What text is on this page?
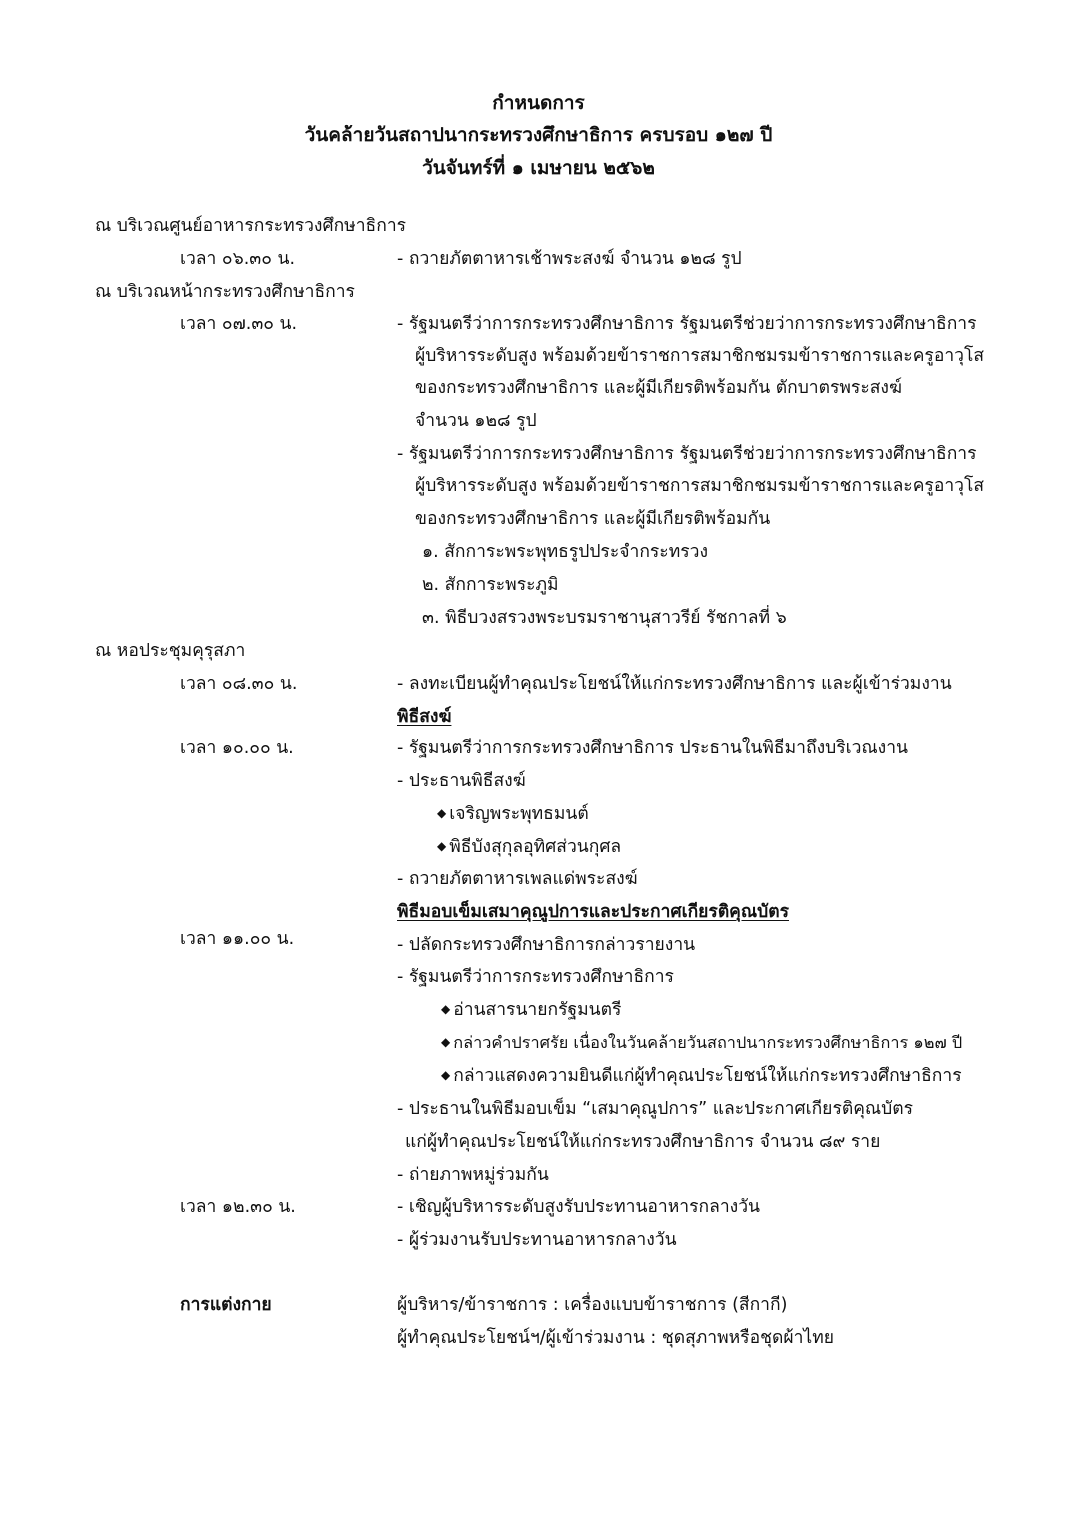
กำหนดการ
วันคล้ายวันสถาปนากระทรวงศึกษาธิการ ครบรอบ ๑๒๗ ปี
วันจันทร์ที่ ๑ เมษายน ๒๕๖๒
ณ บริเวณศูนย์อาหารกระทรวงศึกษาธิการ
เวลา ๐๖.๓๐ น.	- ถวายภัตตาหารเช้าพระสงฆ์ จำนวน ๑๒๘ รูป
ณ บริเวณหน้ากระทรวงศึกษาธิการ
เวลา ๐๗.๓๐ น.	- รัฐมนตรีว่าการกระทรวงศึกษาธิการ รัฐมนตรีช่วยว่าการกระทรวงศึกษาธิการ
ผู้บริหารระดับสูง พร้อมด้วยข้าราชการสมาชิกชมรมข้าราชการและครูอาวุโส
ของกระทรวงศึกษาธิการ และผู้มีเกียรติพร้อมกัน ตักบาตรพระสงฆ์
จำนวน ๑๒๘ รูป
- รัฐมนตรีว่าการกระทรวงศึกษาธิการ รัฐมนตรีช่วยว่าการกระทรวงศึกษาธิการ
ผู้บริหารระดับสูง พร้อมด้วยข้าราชการสมาชิกชมรมข้าราชการและครูอาวุโส
ของกระทรวงศึกษาธิการ และผู้มีเกียรติพร้อมกัน
๑. สักการะพระพุทธรูปประจำกระทรวง
๒. สักการะพระภูมิ
๓. พิธีบวงสรวงพระบรมราชานุสาวรีย์ รัชกาลที่ ๖
ณ หอประชุมคุรุสภา
เวลา ๐๘.๓๐ น.	- ลงทะเบียนผู้ทำคุณประโยชน์ให้แก่กระทรวงศึกษาธิการ และผู้เข้าร่วมงาน
พิธีสงฆ์
เวลา ๑๐.๐๐ น.	- รัฐมนตรีว่าการกระทรวงศึกษาธิการ ประธานในพิธีมาถึงบริเวณงาน
- ประธานพิธีสงฆ์
◆ เจริญพระพุทธมนต์
◆ พิธีบังสุกุลอุทิศส่วนกุศล
- ถวายภัตตาหารเพลแด่พระสงฆ์
พิธีมอบเข็มเสมาคุณูปการและประกาศเกียรติคุณบัตร
เวลา ๑๑.๐๐ น.	- ปลัดกระทรวงศึกษาธิการกล่าวรายงาน
- รัฐมนตรีว่าการกระทรวงศึกษาธิการ
◆ อ่านสารนายกรัฐมนตรี
◆ กล่าวคำปราศรัย เนื่องในวันคล้ายวันสถาปนากระทรวงศึกษาธิการ ๑๒๗ ปี
◆ กล่าวแสดงความยินดีแก่ผู้ทำคุณประโยชน์ให้แก่กระทรวงศึกษาธิการ
- ประธานในพิธีมอบเข็ม “เสมาคุณูปการ” และประกาศเกียรติคุณบัตร
แก่ผู้ทำคุณประโยชน์ให้แก่กระทรวงศึกษาธิการ จำนวน ๘๙ ราย
- ถ่ายภาพหมู่ร่วมกัน
เวลา ๑๒.๓๐ น.	- เชิญผู้บริหารระดับสูงรับประทานอาหารกลางวัน
- ผู้ร่วมงานรับประทานอาหารกลางวัน
การแต่งกาย	ผู้บริหาร/ข้าราชการ : เครื่องแบบข้าราชการ (สีกากี)
ผู้ทำคุณประโยชน์ฯ/ผู้เข้าร่วมงาน : ชุดสุภาพหรือชุดผ้าไทย
